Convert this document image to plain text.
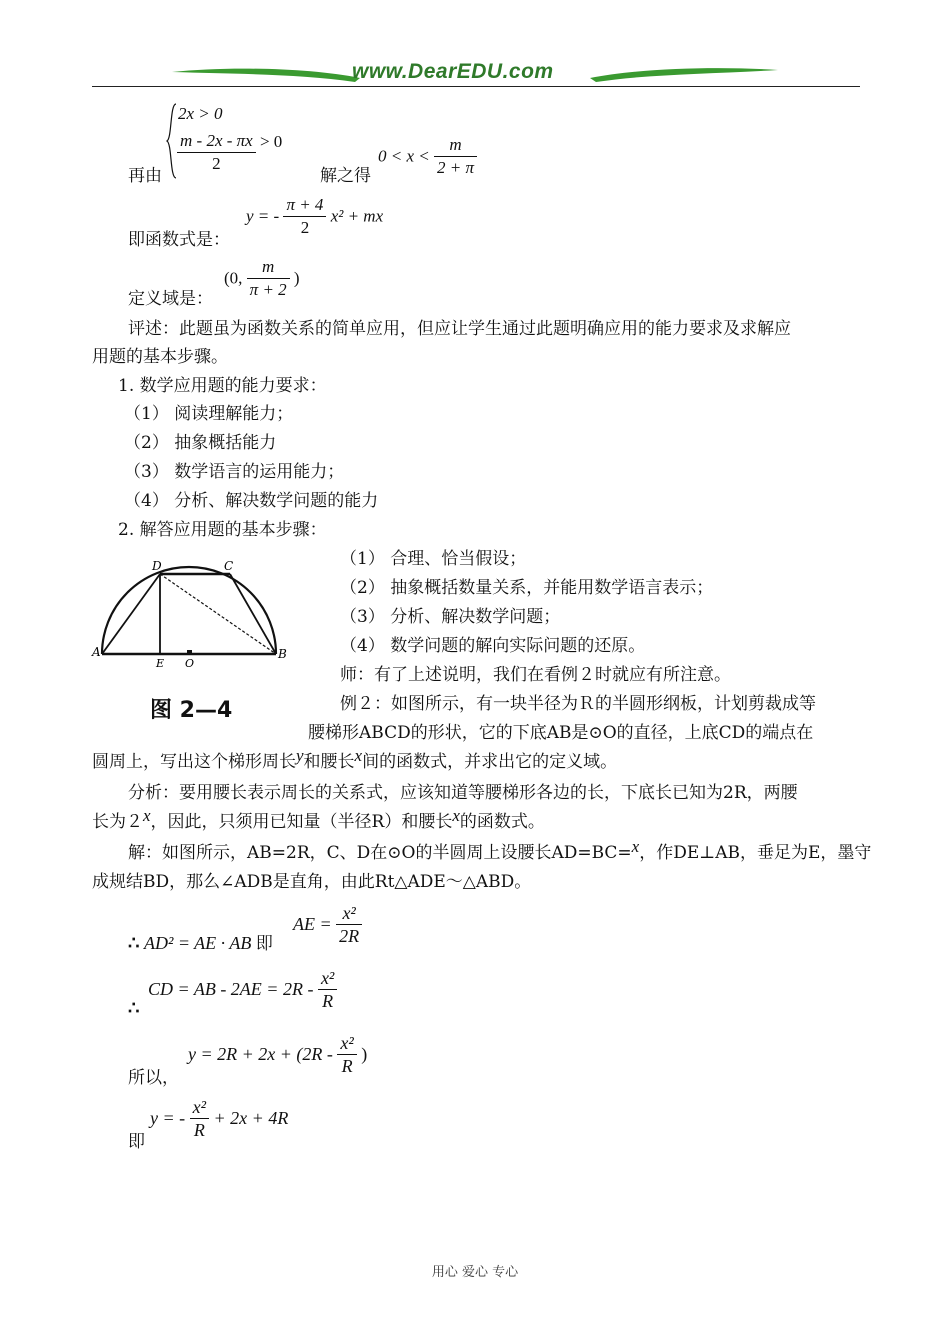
www.DearEDU.com
再由
2x > 0
$\frac{m - 2x - \pi x}{2} > 0$
解之得
$0 < x < \frac{m}{2 + \pi}$
即函数式是：
y = - $\frac{\pi + 4}{2} x^2$ + mx
定义域是：
(0, $\frac{m}{\pi + 2}$ )
评述：此题虽为函数关系的简单应用，但应让学生通过此题明确应用的能力要求及求解应
用题的基本步骤。
1. 数学应用题的能力要求：
（1） 阅读理解能力；
（2） 抽象概括能力
（3） 数学语言的运用能力；
（4） 分析、解决数学问题的能力
2. 解答应用题的基本步骤：
A	B
C
D
E O
图 2—4
（1） 合理、恰当假设；
（2） 抽象概括数量关系，并能用数学语言表示；
（3） 分析、解决数学问题；
（4） 数学问题的解向实际问题的还原。
师：有了上述说明，我们在看例２时就应有所注意。
例２：如图所示，有一块半径为Ｒ的半圆形纲板，计划剪裁成等
腰梯形ABCD的形状，它的下底AB是⊙O的直径，上底CD的端点在
圆周上，写出这个梯形周长y和腰长x间的函数式，并求出它的定义域。
分析：要用腰长表示周长的关系式，应该知道等腰梯形各边的长，下底长已知为2R，两腰
长为２x，因此，只须用已知量（半径R）和腰长x的函数式。
解：如图所示，AB=2R，C、D在⊙O的半圆周上设腰长AD=BC=x，作DE⊥AB，垂足为E，墨守
成规结BD，那么∠ADB是直角，由此Rt△ADE～△ABD。
∴ AD² = AE · AB 即
AE = $\frac{\text{x²}}{2R}$
∴
CD = AB - $2AE = 2R - \frac{\text{x²}}{R}$
所以，
$y = 2R + 2x + (2R - \frac{\text{x²}}{R}$ )
即
y = - $\frac{\text{x²}}{R} + 2x + 4R$
用心 爱心 专心
